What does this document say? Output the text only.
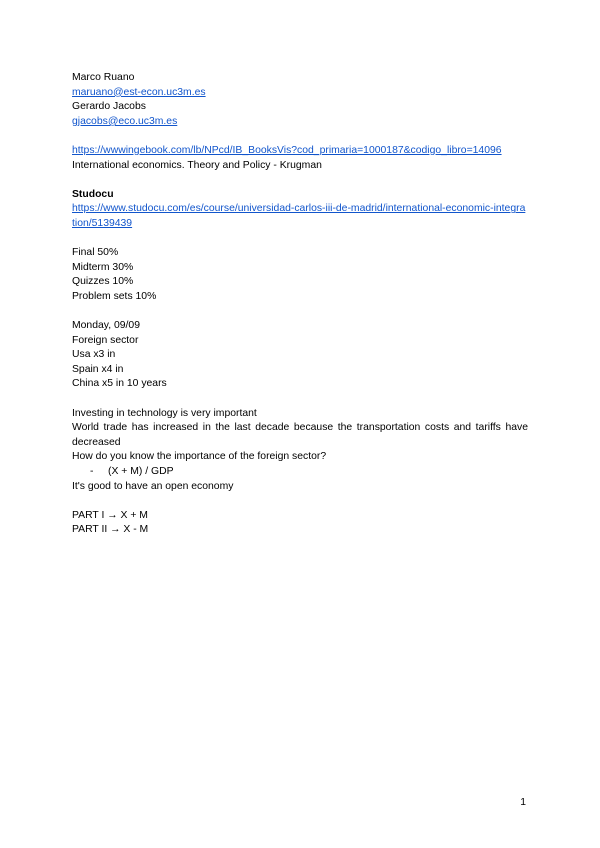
Marco Ruano
maruano@est-econ.uc3m.es
Gerardo Jacobs
gjacobs@eco.uc3m.es
https://wwwingebook.com/lb/NPcd/IB_BooksVis?cod_primaria=1000187&codigo_libro=14096
International economics. Theory and Policy - Krugman
Studocu
https://www.studocu.com/es/course/universidad-carlos-iii-de-madrid/international-economic-integration/5139439
Final 50%
Midterm 30%
Quizzes 10%
Problem sets 10%
Monday, 09/09
Foreign sector
Usa x3 in
Spain x4 in
China x5 in 10 years
Investing in technology is very important
World trade has increased in the last decade because the transportation costs and tariffs have decreased
How do you know the importance of the foreign sector?
- (X + M) / GDP
It's good to have an open economy
PART I → X + M
PART II → X - M
1
